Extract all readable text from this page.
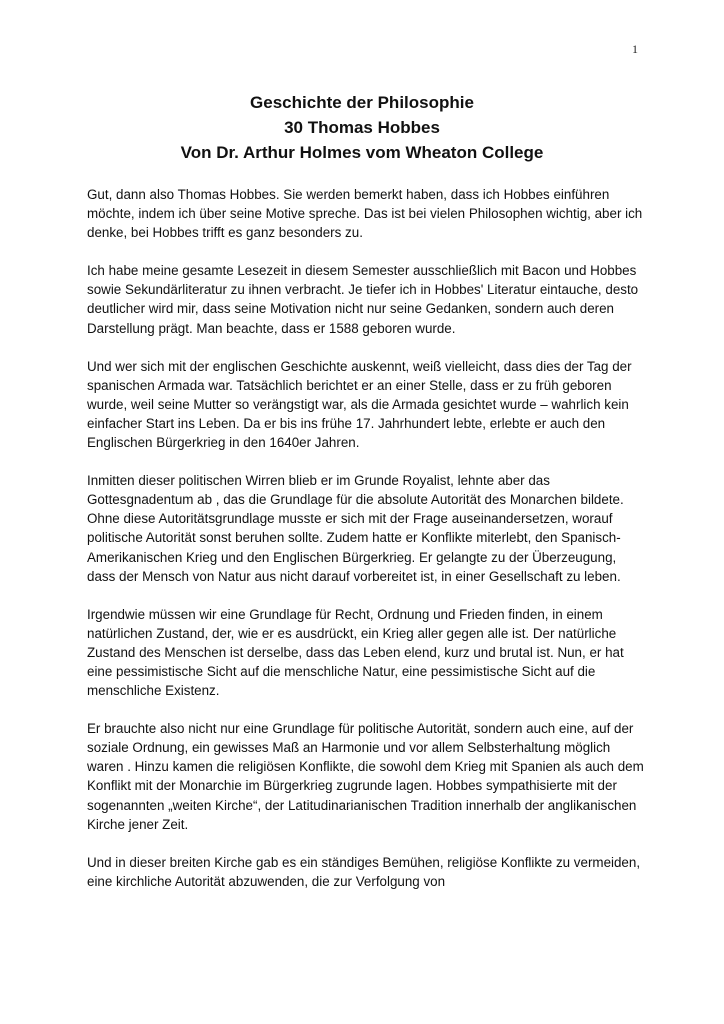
1
Geschichte der Philosophie
30 Thomas Hobbes
Von Dr. Arthur Holmes vom Wheaton College

Gut, dann also Thomas Hobbes. Sie werden bemerkt haben, dass ich Hobbes einführen möchte, indem ich über seine Motive spreche. Das ist bei vielen Philosophen wichtig, aber ich denke, bei Hobbes trifft es ganz besonders zu.

Ich habe meine gesamte Lesezeit in diesem Semester ausschließlich mit Bacon und Hobbes sowie Sekundärliteratur zu ihnen verbracht. Je tiefer ich in Hobbes' Literatur eintauche, desto deutlicher wird mir, dass seine Motivation nicht nur seine Gedanken, sondern auch deren Darstellung prägt. Man beachte, dass er 1588 geboren wurde.

Und wer sich mit der englischen Geschichte auskennt, weiß vielleicht, dass dies der Tag der spanischen Armada war. Tatsächlich berichtet er an einer Stelle, dass er zu früh geboren wurde, weil seine Mutter so verängstigt war, als die Armada gesichtet wurde – wahrlich kein einfacher Start ins Leben. Da er bis ins frühe 17. Jahrhundert lebte, erlebte er auch den Englischen Bürgerkrieg in den 1640er Jahren.

Inmitten dieser politischen Wirren blieb er im Grunde Royalist, lehnte aber das Gottesgnadentum ab , das die Grundlage für die absolute Autorität des Monarchen bildete. Ohne diese Autoritätsgrundlage musste er sich mit der Frage auseinandersetzen, worauf politische Autorität sonst beruhen sollte. Zudem hatte er Konflikte miterlebt, den Spanisch-Amerikanischen Krieg und den Englischen Bürgerkrieg. Er gelangte zu der Überzeugung, dass der Mensch von Natur aus nicht darauf vorbereitet ist, in einer Gesellschaft zu leben.

Irgendwie müssen wir eine Grundlage für Recht, Ordnung und Frieden finden, in einem natürlichen Zustand, der, wie er es ausdrückt, ein Krieg aller gegen alle ist. Der natürliche Zustand des Menschen ist derselbe, dass das Leben elend, kurz und brutal ist. Nun, er hat eine pessimistische Sicht auf die menschliche Natur, eine pessimistische Sicht auf die menschliche Existenz.

Er brauchte also nicht nur eine Grundlage für politische Autorität, sondern auch eine, auf der soziale Ordnung, ein gewisses Maß an Harmonie und vor allem Selbsterhaltung möglich waren . Hinzu kamen die religiösen Konflikte, die sowohl dem Krieg mit Spanien als auch dem Konflikt mit der Monarchie im Bürgerkrieg zugrunde lagen. Hobbes sympathisierte mit der sogenannten „weiten Kirche“, der Latitudinarianischen Tradition innerhalb der anglikanischen Kirche jener Zeit.

Und in dieser breiten Kirche gab es ein ständiges Bemühen, religiöse Konflikte zu vermeiden, eine kirchliche Autorität abzuwenden, die zur Verfolgung von
